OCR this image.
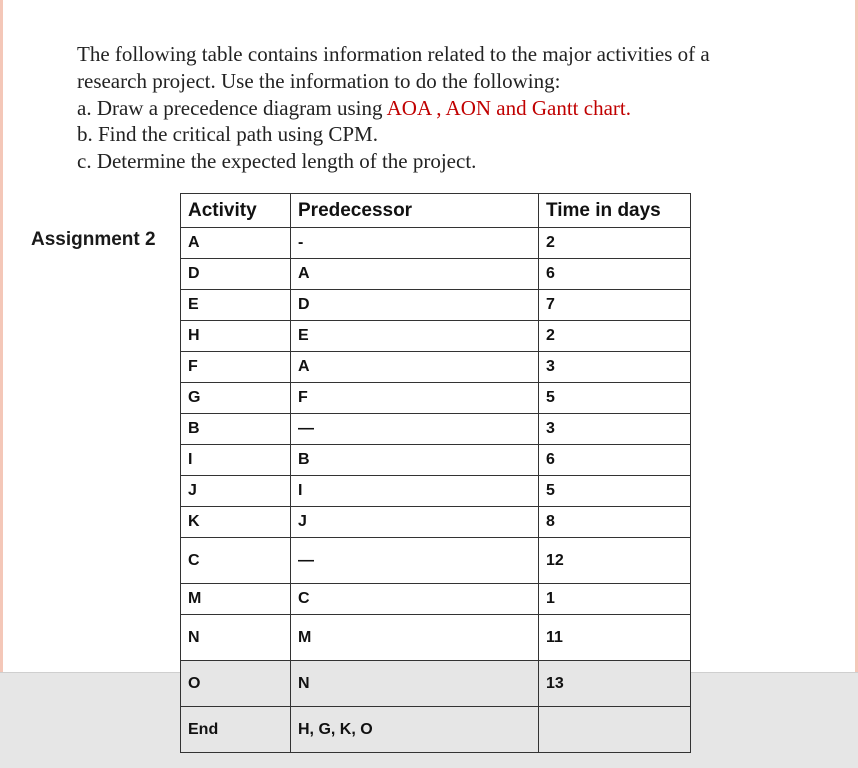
The following table contains information related to the major activities of a
research project. Use the information to do the following:
a. Draw a precedence diagram using AOA , AON and Gantt chart.
b. Find the critical path using CPM.
c. Determine the expected length of the project.
Assignment 2
Activity	Predecessor	Time in days
A	-	2
D	A	6
E	D	7
H	E	2
F	A	3
G	F	5
B	—	3
I	B	6
J	I	5
K	J	8
C	—	12
M	C	1
N	M	11
O	N	13
End	H, G, K, O	
